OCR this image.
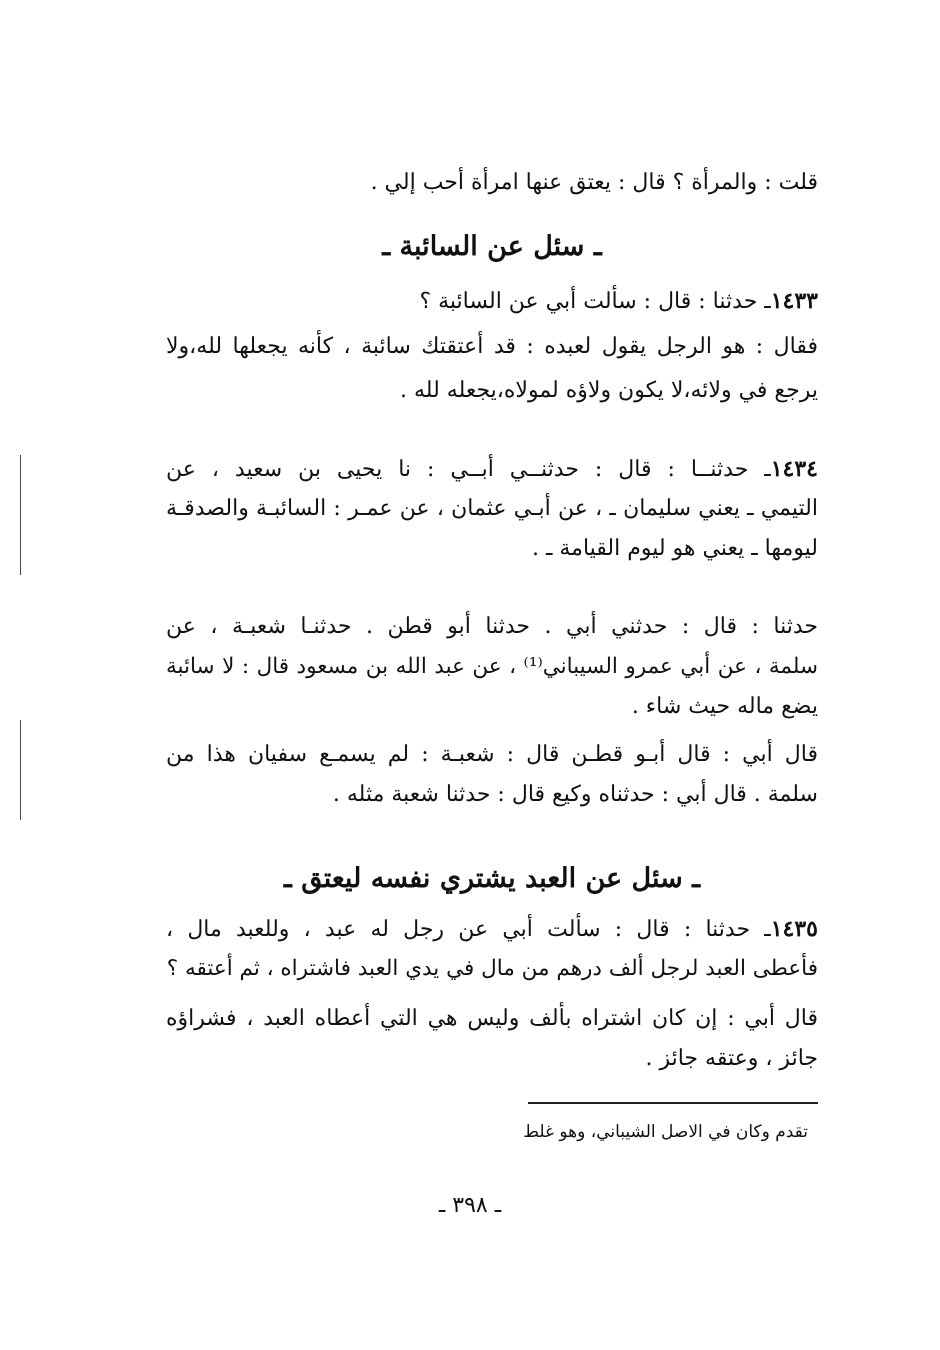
قلت : والمرأة ؟ قال : يعتق عنها امرأة أحب إلي .
ـ سئل عن السائبة ـ
١٤٣٣ـ حدثنا : قال : سألت أبي عن السائبة ؟
فقال : هو الرجل يقول لعبده : قد أعتقتك سائبة ، كأنه يجعلها لله،ولا
يرجع في ولائه،لا يكون ولاؤه لمولاه،يجعله لله .
١٤٣٤ـ حدثنــا : قال : حدثنــي أبــي : نا يحيى بن سعيد ، عن
التيمي ـ يعني سليمان ـ ، عن أبـي عثمان ، عن عمـر : السائبـة والصدقـة
ليومها ـ يعني هو ليوم القيامة ـ .
حدثنا : قال : حدثني أبي . حدثنا أبو قطن . حدثنـا شعبـة ، عن
سلمة ، عن أبي عمرو السيباني⁽¹⁾ ، عن عبد الله بن مسعود قال : لا سائبة
يضع ماله حيث شاء .
قال أبي : قال أبـو قطـن قال : شعبـة : لم يسمـع سفيان هذا من
سلمة . قال أبي : حدثناه وكيع قال : حدثنا شعبة مثله .
ـ سئل عن العبد يشتري نفسه ليعتق ـ
١٤٣٥ـ حدثنا : قال : سألت أبي عن رجل له عبد ، وللعبد مال ،
فأعطى العبد لرجل ألف درهم من مال في يدي العبد فاشتراه ، ثم أعتقه ؟
قال أبي : إن كان اشتراه بألف وليس هي التي أعطاه العبد ، فشراؤه
جائز ، وعتقه جائز .
تقدم وكان في الاصل الشيباني، وهو غلط
ـ ٣٩٨ ـ
